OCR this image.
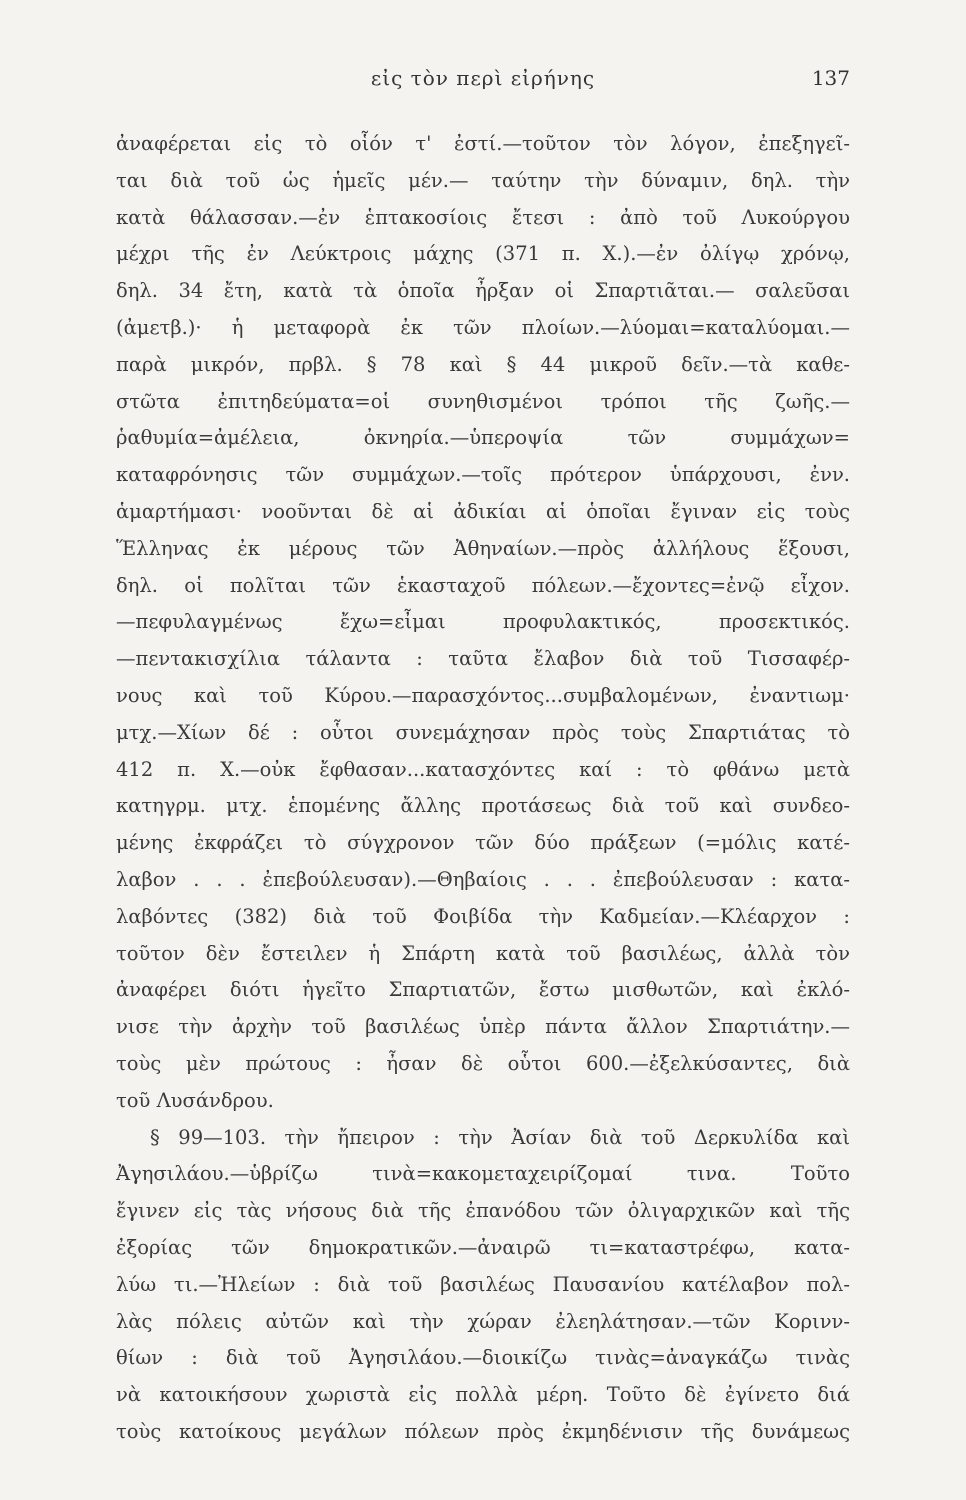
εἰς τὸν περὶ εἰρήνης	137
ἀναφέρεται εἰς τὸ οἷόν τ' ἐστί.—τοῦτον τὸν λόγον, ἐπεξηγεῖ-
ται διὰ τοῦ ὡς ἡμεῖς μέν.— ταύτην τὴν δύναμιν, δηλ. τὴν
κατὰ θάλασσαν.—ἐν ἑπτακοσίοις ἔτεσι : ἀπὸ τοῦ Λυκούργου
μέχρι τῆς ἐν Λεύκτροις μάχης (371 π. Χ.).—ἐν ὀλίγῳ χρόνῳ,
δηλ. 34 ἔτη, κατὰ τὰ ὁποῖα ἦρξαν οἱ Σπαρτιᾶται.— σαλεῦσαι
(ἀμετβ.)· ἡ μεταφορὰ ἐκ τῶν πλοίων.—λύομαι=καταλύομαι.—
παρὰ μικρόν, πρβλ. § 78 καὶ § 44 μικροῦ δεῖν.—τὰ καθε-
στῶτα ἐπιτηδεύματα=οἱ συνηθισμένοι τρόποι τῆς ζωῆς.—
ῥαθυμία=ἀμέλεια, ὀκνηρία.—ὑπεροψία τῶν συμμάχων=
καταφρόνησις τῶν συμμάχων.—τοῖς πρότερον ὑπάρχουσι, ἐνν.
ἁμαρτήμασι· νοοῦνται δὲ αἱ ἀδικίαι αἱ ὁποῖαι ἔγιναν εἰς τοὺς
Ἕλληνας ἐκ μέρους τῶν Ἀθηναίων.—πρὸς ἀλλήλους ἕξουσι,
δηλ. οἱ πολῖται τῶν ἑκασταχοῦ πόλεων.—ἔχοντες=ἐνῷ εἶχον.
—πεφυλαγμένως ἔχω=εἶμαι προφυλακτικός, προσεκτικός.
—πεντακισχίλια τάλαντα : ταῦτα ἔλαβον διὰ τοῦ Τισσαφέρ-
νους καὶ τοῦ Κύρου.—παρασχόντος...συμβαλομένων, ἐναντιωμ·
μτχ.—Χίων δέ : οὗτοι συνεμάχησαν πρὸς τοὺς Σπαρτιάτας τὸ
412 π. Χ.—οὐκ ἔφθασαν...κατασχόντες καί : τὸ φθάνω μετὰ
κατηγρμ. μτχ. ἑπομένης ἄλλης προτάσεως διὰ τοῦ καὶ συνδεο-
μένης ἐκφράζει τὸ σύγχρονον τῶν δύο πράξεων (=μόλις κατέ-
λαβον . . . ἐπεβούλευσαν).—Θηβαίοις . . . ἐπεβούλευσαν : κατα-
λαβόντες (382) διὰ τοῦ Φοιβίδα τὴν Καδμείαν.—Κλέαρχον :
τοῦτον δὲν ἔστειλεν ἡ Σπάρτη κατὰ τοῦ βασιλέως, ἀλλὰ τὸν
ἀναφέρει διότι ἡγεῖτο Σπαρτιατῶν, ἔστω μισθωτῶν, καὶ ἐκλό-
νισε τὴν ἀρχὴν τοῦ βασιλέως ὑπὲρ πάντα ἄλλον Σπαρτιάτην.—
τοὺς μὲν πρώτους : ἦσαν δὲ οὗτοι 600.—ἐξελκύσαντες, διὰ
τοῦ Λυσάνδρου.
§ 99—103. τὴν ἤπειρον : τὴν Ἀσίαν διὰ τοῦ Δερκυλίδα καὶ
Ἀγησιλάου.—ὑβρίζω τινὰ=κακομεταχειρίζομαί τινα. Τοῦτο
ἔγινεν εἰς τὰς νήσους διὰ τῆς ἐπανόδου τῶν ὀλιγαρχικῶν καὶ τῆς
ἐξορίας τῶν δημοκρατικῶν.—ἀναιρῶ τι=καταστρέφω, κατα-
λύω τι.—Ἠλείων : διὰ τοῦ βασιλέως Παυσανίου κατέλαβον πολ-
λὰς πόλεις αὐτῶν καὶ τὴν χώραν ἐλεηλάτησαν.—τῶν Κορινν-
θίων : διὰ τοῦ Ἀγησιλάου.—διοικίζω τινὰς=ἀναγκάζω τινὰς
νὰ κατοικήσουν χωριστὰ εἰς πολλὰ μέρη. Τοῦτο δὲ ἐγίνετο διά
τοὺς κατοίκους μεγάλων πόλεων πρὸς ἐκμηδένισιν τῆς δυνάμεως
